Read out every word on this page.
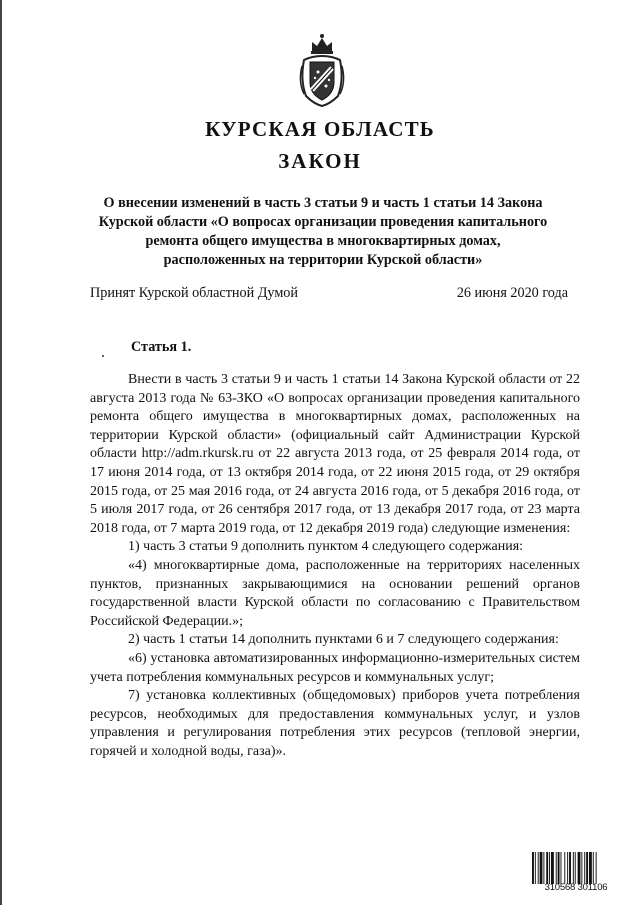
КУРСКАЯ ОБЛАСТЬ
ЗАКОН
О внесении изменений в часть 3 статьи 9 и часть 1 статьи 14 Закона
Курской области «О вопросах организации проведения капитального
ремонта общего имущества в многоквартирных домах,
расположенных на территории Курской области»
Принят Курской областной Думой	26 июня 2020 года
Статья 1.

Внести в часть 3 статьи 9 и часть 1 статьи 14 Закона Курской области от 22 августа 2013 года № 63-ЗКО «О вопросах организации проведения капитального ремонта общего имущества в многоквартирных домах, расположенных на территории Курской области» (официальный сайт Администрации Курской области http://adm.rkursk.ru от 22 августа 2013 года, от 25 февраля 2014 года, от 17 июня 2014 года, от 13 октября 2014 года, от 22 июня 2015 года, от 29 октября 2015 года, от 25 мая 2016 года, от 24 августа 2016 года, от 5 декабря 2016 года, от 5 июля 2017 года, от 26 сентября 2017 года, от 13 декабря 2017 года, от 23 марта 2018 года, от 7 марта 2019 года, от 12 декабря 2019 года) следующие изменения:

1) часть 3 статьи 9 дополнить пунктом 4 следующего содержания:

«4) многоквартирные дома, расположенные на территориях населенных пунктов, признанных закрывающимися на основании решений органов государственной власти Курской области по согласованию с Правительством Российской Федерации.»;

2) часть 1 статьи 14 дополнить пунктами 6 и 7 следующего содержания:

«6) установка автоматизированных информационно-измерительных систем учета потребления коммунальных ресурсов и коммунальных услуг;

7) установка коллективных (общедомовых) приборов учета потребления ресурсов, необходимых для предоставления коммунальных услуг, и узлов управления и регулирования потребления этих ресурсов (тепловой энергии, горячей и холодной воды, газа)».

310568 301106
